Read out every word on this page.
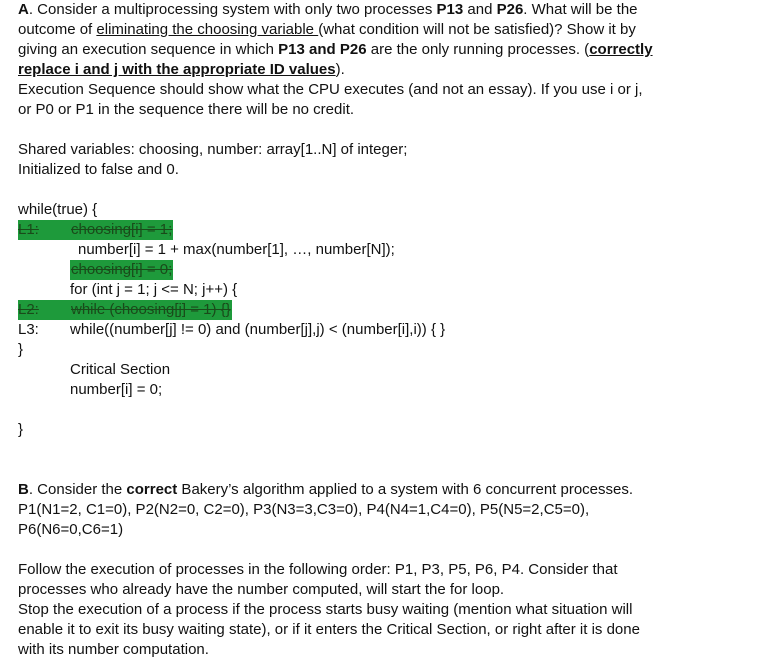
A. Consider a multiprocessing system with only two processes P13 and P26. What will be the

outcome of eliminating the choosing variable (what condition will not be satisfied)? Show it by

giving an execution sequence in which P13 and P26 are the only running processes. (correctly

replace i and j with the appropriate ID values).

Execution Sequence should show what the CPU executes (and not an essay). If you use i or j,

or P0 or P1 in the sequence there will be no credit.

Shared variables: choosing, number: array[1..N] of integer;

Initialized to false and 0.

while(true) {
L1:	choosing[i] = 1;
number[i] = 1 + max(number[1], …, number[N]);
choosing[i] = 0;
for (int j = 1; j <= N; j++) {
L2:	while (choosing[j] = 1) {}
L3: while((number[j] != 0) and (number[j],j) < (number[i],i)) { }
}
Critical Section
number[i] = 0;
}

B. Consider the correct Bakery’s algorithm applied to a system with 6 concurrent processes.

P1(N1=2, C1=0), P2(N2=0, C2=0), P3(N3=3,C3=0), P4(N4=1,C4=0), P5(N5=2,C5=0),

P6(N6=0,C6=1)

Follow the execution of processes in the following order: P1, P3, P5, P6, P4. Consider that

processes who already have the number computed, will start the for loop.

Stop the execution of a process if the process starts busy waiting (mention what situation will

enable it to exit its busy waiting state), or if it enters the Critical Section, or right after it is done

with its number computation.
